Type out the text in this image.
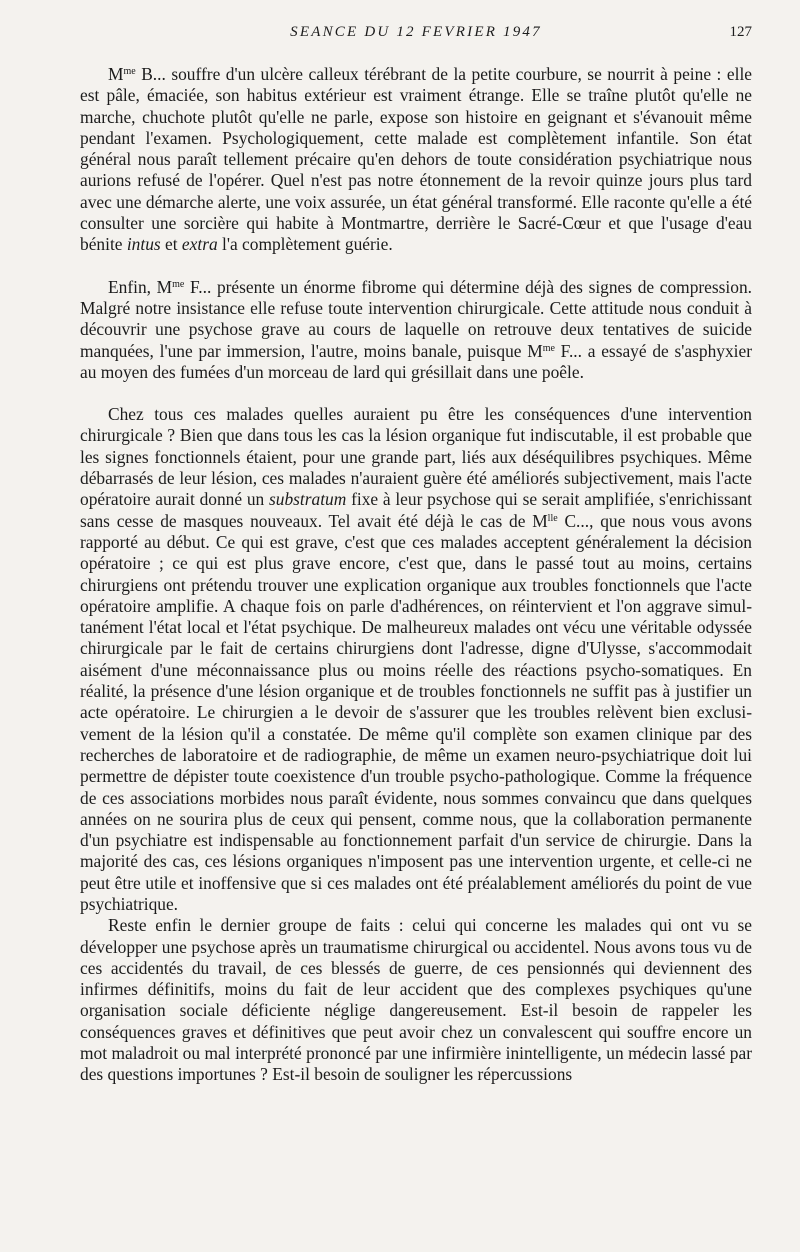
SEANCE DU 12 FEVRIER 1947	127

$M^{me}$ B... souffre d'un ulcère calleux térébrant de la petite courbure, se nourrit à peine : elle est pâle, émaciée, son habitus extérieur est vraiment étrange. Elle se traîne plutôt qu'elle ne marche, chuchote plutôt qu'elle ne parle, expose son histoire en geignant et s'évanouit même pendant l'examen. Psychologiquement, cette malade est complètement infantile. Son état général nous paraît tellement précaire qu'en dehors de toute considération psychiatrique nous aurions refusé de l'opérer. Quel n'est pas notre étonnement de la revoir quinze jours plus tard avec une démarche alerte, une voix assurée, un état général transformé. Elle raconte qu'elle a été consulter une sorcière qui habite à Montmartre, derrière le Sacré-Cœur et que l'usage d'eau bénite intus et extra l'a complètement guérie.

Enfin, $M^{me}$ F... présente un énorme fibrome qui détermine déjà des signes de compression. Malgré notre insistance elle refuse toute intervention chirurgicale. Cette attitude nous conduit à découvrir une psychose grave au cours de laquelle on retrouve deux tentatives de suicide manquées, l'une par immersion, l'autre, moins banale, puisque $M^{me}$ F... a essayé de s'asphyxier au moyen des fumées d'un morceau de lard qui grésillait dans une poêle.

Chez tous ces malades quelles auraient pu être les conséquences d'une intervention chirurgicale ? Bien que dans tous les cas la lésion organique fut indiscutable, il est probable que les signes fonctionnels étaient, pour une grande part, liés aux déséquilibres psychiques. Même débarrasés de leur lésion, ces malades n'auraient guère été améliorés subjectivement, mais l'acte opératoire aurait donné un substratum fixe à leur psychose qui se serait amplifiée, s'enrichissant sans cesse de masques nouveaux. Tel avait été déjà le cas de $M^{lle}$ C..., que nous vous avons rapporté au début. Ce qui est grave, c'est que ces malades acceptent généralement la décision opératoire ; ce qui est plus grave encore, c'est que, dans le passé tout au moins, certains chirurgiens ont prétendu trouver une explication organique aux troubles fonctionnels que l'acte opératoire amplifie. A chaque fois on parle d'adhérences, on réintervient et l'on aggrave simultanément l'état local et l'état psychique. De malheureux malades ont vécu une véritable odyssée chirurgicale par le fait de certains chirurgiens dont l'adresse, digne d'Ulysse, s'accommodait aisément d'une méconnaissance plus ou moins réelle des réactions psycho-somatiques. En réalité, la présence d'une lésion organique et de troubles fonctionnels ne suffit pas à justifier un acte opératoire. Le chirurgien a le devoir de s'assurer que les troubles relèvent bien exclusivement de la lésion qu'il a constatée. De même qu'il complète son examen clinique par des recherches de laboratoire et de radiographie, de même un examen neuro-psychiatrique doit lui permettre de dépister toute coexistence d'un trouble psycho-pathologique. Comme la fréquence de ces associations morbides nous paraît évidente, nous sommes convaincu que dans quelques années on ne sourira plus de ceux qui pensent, comme nous, que la collaboration permanente d'un psychiatre est indispensable au fonctionnement parfait d'un service de chirurgie. Dans la majorité des cas, ces lésions organiques n'imposent pas une intervention urgente, et celle-ci ne peut être utile et inoffensive que si ces malades ont été préalablement améliorés du point de vue psychiatrique.

Reste enfin le dernier groupe de faits : celui qui concerne les malades qui ont vu se développer une psychose après un traumatisme chirurgical ou accidentel. Nous avons tous vu de ces accidentés du travail, de ces blessés de guerre, de ces pensionnés qui deviennent des infirmes définitifs, moins du fait de leur accident que des complexes psychiques qu'une organisation sociale déficiente néglige dangereusement. Est-il besoin de rappeler les conséquences graves et définitives que peut avoir chez un convalescent qui souffre encore un mot maladroit ou mal interprété prononcé par une infirmière inintelligente, un médecin lassé par des questions importunes ? Est-il besoin de souligner les répercussions
